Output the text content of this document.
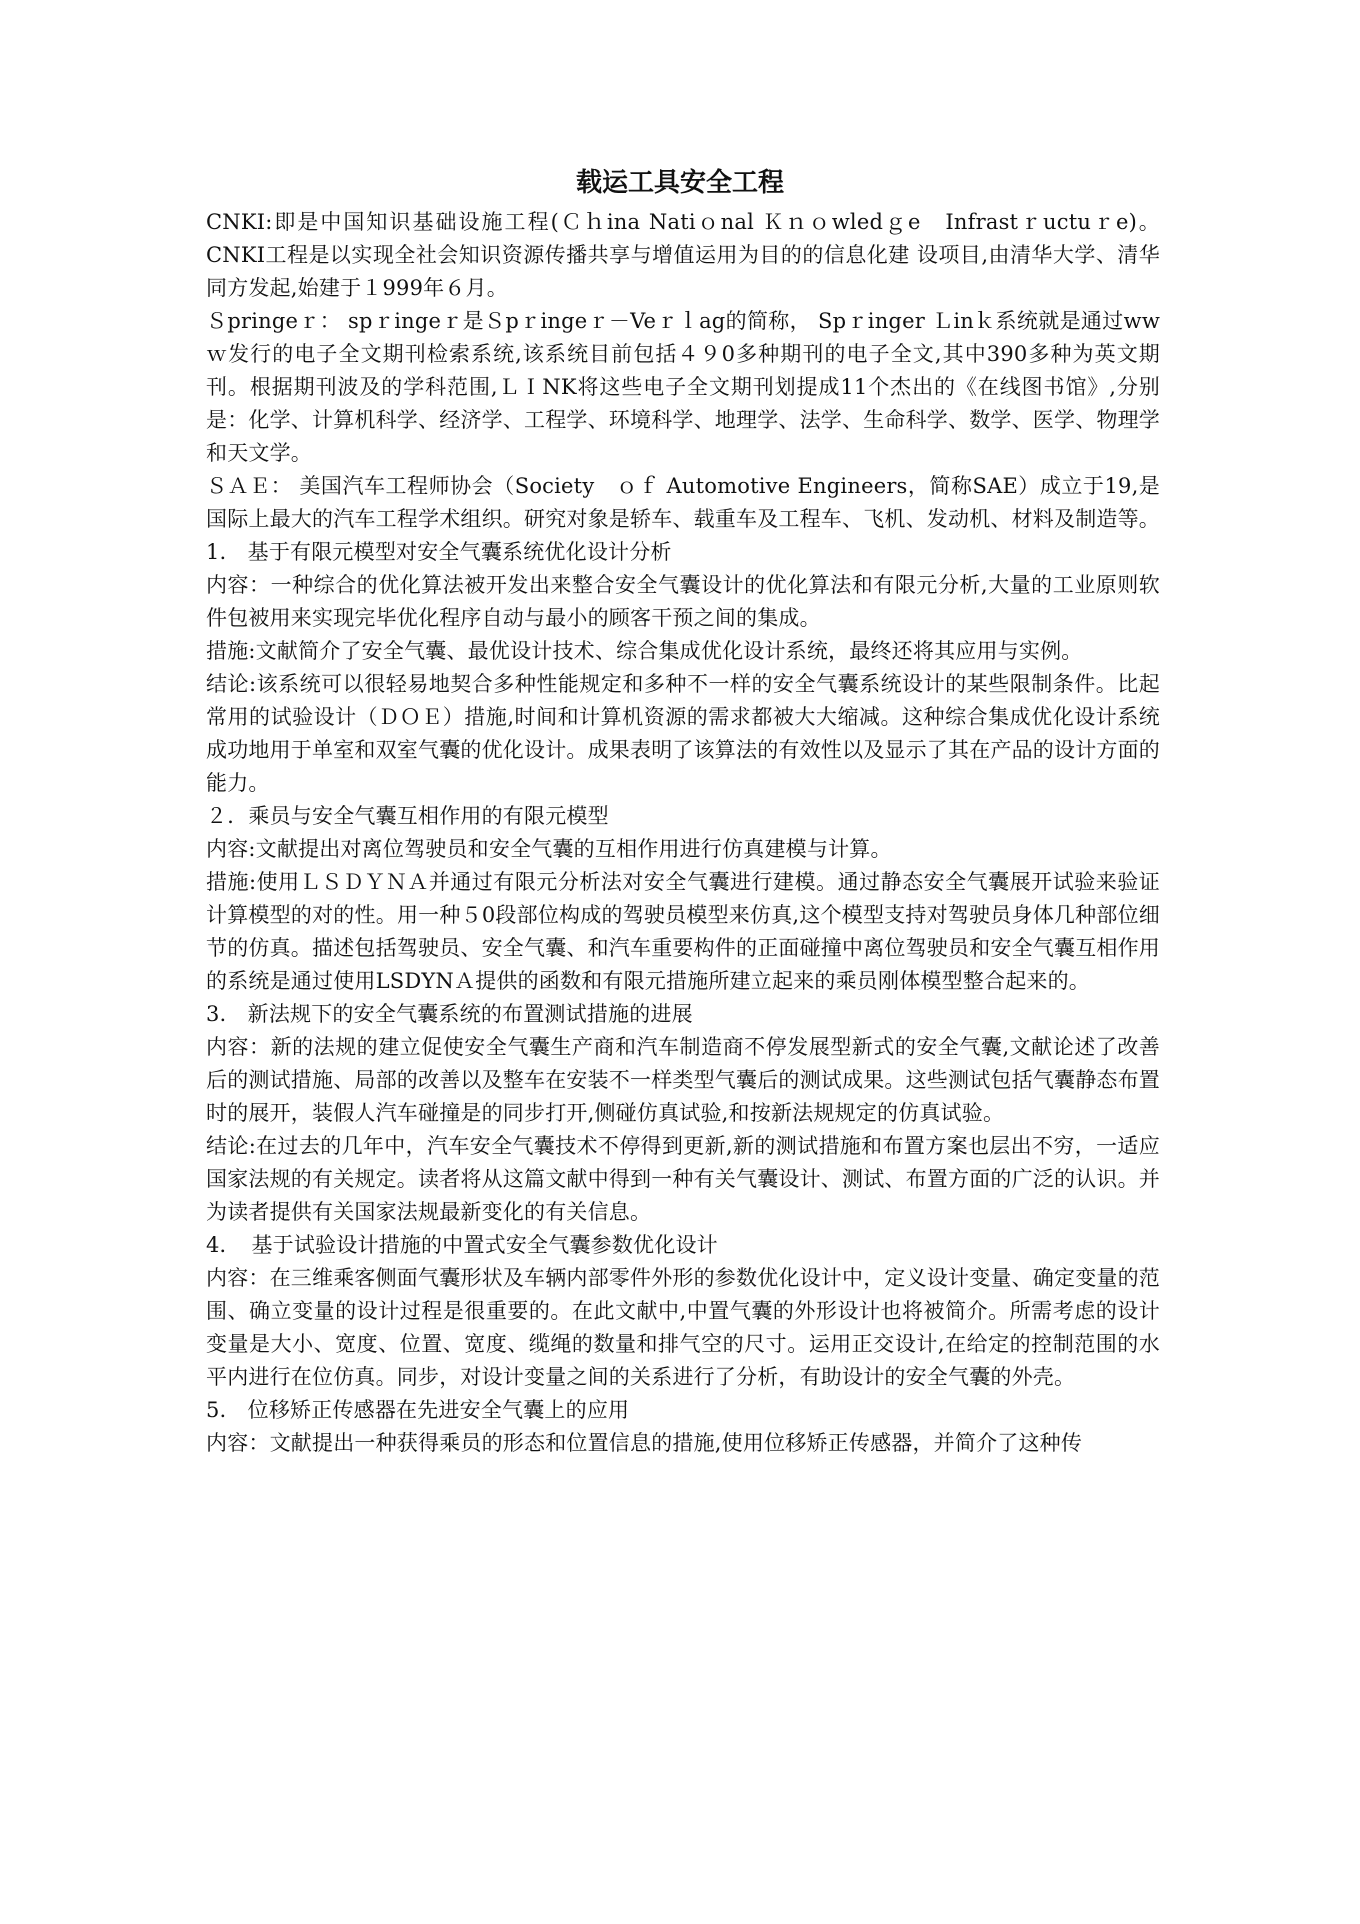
载运工具安全工程

CNKI:即是中国知识基础设施工程(Ｃｈina Natiｏnal Ｋｎｏwledｇe　Infrastｒuctuｒe)。CNKI工程是以实现全社会知识资源传播共享与增值运用为目的的信息化建 设项目,由清华大学、清华同方发起,始建于１999年６月。

Ｓpringeｒ： spｒingeｒ是Ｓpｒingeｒ－Veｒｌag的简称， Spｒinger Ｌinｋ系统就是通过wwｗ发行的电子全文期刊检索系统,该系统目前包括４９0多种期刊的电子全文,其中390多种为英文期刊。根据期刊波及的学科范围,ＬＩNK将这些电子全文期刊划提成11个杰出的《在线图书馆》,分别是：化学、计算机科学、经济学、工程学、环境科学、地理学、法学、生命科学、数学、医学、物理学和天文学。

ＳＡＥ： 美国汽车工程师协会（Society　ｏｆ Automotive Engineers，简称SAE）成立于19,是国际上最大的汽车工程学术组织。研究对象是轿车、载重车及工程车、飞机、发动机、材料及制造等。

1.　基于有限元模型对安全气囊系统优化设计分析

内容：一种综合的优化算法被开发出来整合安全气囊设计的优化算法和有限元分析,大量的工业原则软件包被用来实现完毕优化程序自动与最小的顾客干预之间的集成。

措施:文献简介了安全气囊、最优设计技术、综合集成优化设计系统，最终还将其应用与实例。

结论:该系统可以很轻易地契合多种性能规定和多种不一样的安全气囊系统设计的某些限制条件。比起常用的试验设计（ＤＯＥ）措施,时间和计算机资源的需求都被大大缩减。这种综合集成优化设计系统成功地用于单室和双室气囊的优化设计。成果表明了该算法的有效性以及显示了其在产品的设计方面的能力。

２．乘员与安全气囊互相作用的有限元模型

内容:文献提出对离位驾驶员和安全气囊的互相作用进行仿真建模与计算。

措施:使用ＬＳＤＹＮＡ并通过有限元分析法对安全气囊进行建模。通过静态安全气囊展开试验来验证计算模型的对的性。用一种５0段部位构成的驾驶员模型来仿真,这个模型支持对驾驶员身体几种部位细节的仿真。描述包括驾驶员、安全气囊、和汽车重要构件的正面碰撞中离位驾驶员和安全气囊互相作用的系统是通过使用LSDYNＡ提供的函数和有限元措施所建立起来的乘员刚体模型整合起来的。

3.　新法规下的安全气囊系统的布置测试措施的进展

内容：新的法规的建立促使安全气囊生产商和汽车制造商不停发展型新式的安全气囊,文献论述了改善后的测试措施、局部的改善以及整车在安装不一样类型气囊后的测试成果。这些测试包括气囊静态布置时的展开，装假人汽车碰撞是的同步打开,侧碰仿真试验,和按新法规规定的仿真试验。

结论:在过去的几年中，汽车安全气囊技术不停得到更新,新的测试措施和布置方案也层出不穷，一适应国家法规的有关规定。读者将从这篇文献中得到一种有关气囊设计、测试、布置方面的广泛的认识。并为读者提供有关国家法规最新变化的有关信息。

4．　基于试验设计措施的中置式安全气囊参数优化设计

内容：在三维乘客侧面气囊形状及车辆内部零件外形的参数优化设计中，定义设计变量、确定变量的范围、确立变量的设计过程是很重要的。在此文献中,中置气囊的外形设计也将被简介。所需考虑的设计变量是大小、宽度、位置、宽度、缆绳的数量和排气空的尺寸。运用正交设计,在给定的控制范围的水平内进行在位仿真。同步，对设计变量之间的关系进行了分析，有助设计的安全气囊的外壳。

5.　位移矫正传感器在先进安全气囊上的应用

内容：文献提出一种获得乘员的形态和位置信息的措施,使用位移矫正传感器，并简介了这种传
